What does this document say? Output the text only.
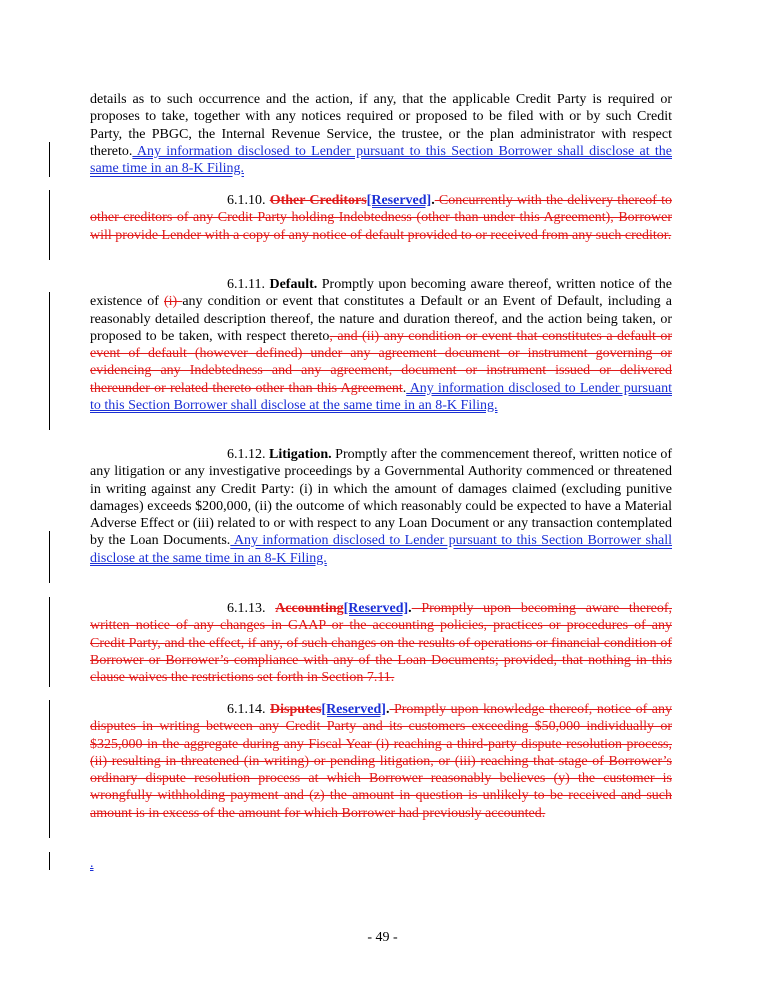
details as to such occurrence and the action, if any, that the applicable Credit Party is required or proposes to take, together with any notices required or proposed to be filed with or by such Credit Party, the PBGC, the Internal Revenue Service, the trustee, or the plan administrator with respect thereto. Any information disclosed to Lender pursuant to this Section Borrower shall disclose at the same time in an 8-K Filing.

6.1.10. Other Creditors[Reserved]. Concurrently with the delivery thereof to other creditors of any Credit Party holding Indebtedness (other than under this Agreement), Borrower will provide Lender with a copy of any notice of default provided to or received from any such creditor.

6.1.11. Default. Promptly upon becoming aware thereof, written notice of the existence of (i) any condition or event that constitutes a Default or an Event of Default, including a reasonably detailed description thereof, the nature and duration thereof, and the action being taken, or proposed to be taken, with respect thereto, and (ii) any condition or event that constitutes a default or event of default (however defined) under any agreement document or instrument governing or evidencing any Indebtedness and any agreement, document or instrument issued or delivered thereunder or related thereto other than this Agreement. Any information disclosed to Lender pursuant to this Section Borrower shall disclose at the same time in an 8-K Filing.

6.1.12. Litigation. Promptly after the commencement thereof, written notice of any litigation or any investigative proceedings by a Governmental Authority commenced or threatened in writing against any Credit Party: (i) in which the amount of damages claimed (excluding punitive damages) exceeds $200,000, (ii) the outcome of which reasonably could be expected to have a Material Adverse Effect or (iii) related to or with respect to any Loan Document or any transaction contemplated by the Loan Documents. Any information disclosed to Lender pursuant to this Section Borrower shall disclose at the same time in an 8-K Filing.

6.1.13. Accounting[Reserved]. Promptly upon becoming aware thereof, written notice of any changes in GAAP or the accounting policies, practices or procedures of any Credit Party, and the effect, if any, of such changes on the results of operations or financial condition of Borrower or Borrower’s compliance with any of the Loan Documents; provided, that nothing in this clause waives the restrictions set forth in Section 7.11.

6.1.14. Disputes[Reserved]. Promptly upon knowledge thereof, notice of any disputes in writing between any Credit Party and its customers exceeding $50,000 individually or $325,000 in the aggregate during any Fiscal Year (i) reaching a third-party dispute resolution process, (ii) resulting in threatened (in writing) or pending litigation, or (iii) reaching that stage of Borrower’s ordinary dispute resolution process at which Borrower reasonably believes (y) the customer is wrongfully withholding payment and (z) the amount in question is unlikely to be received and such amount is in excess of the amount for which Borrower had previously accounted.

.
- 49 -
